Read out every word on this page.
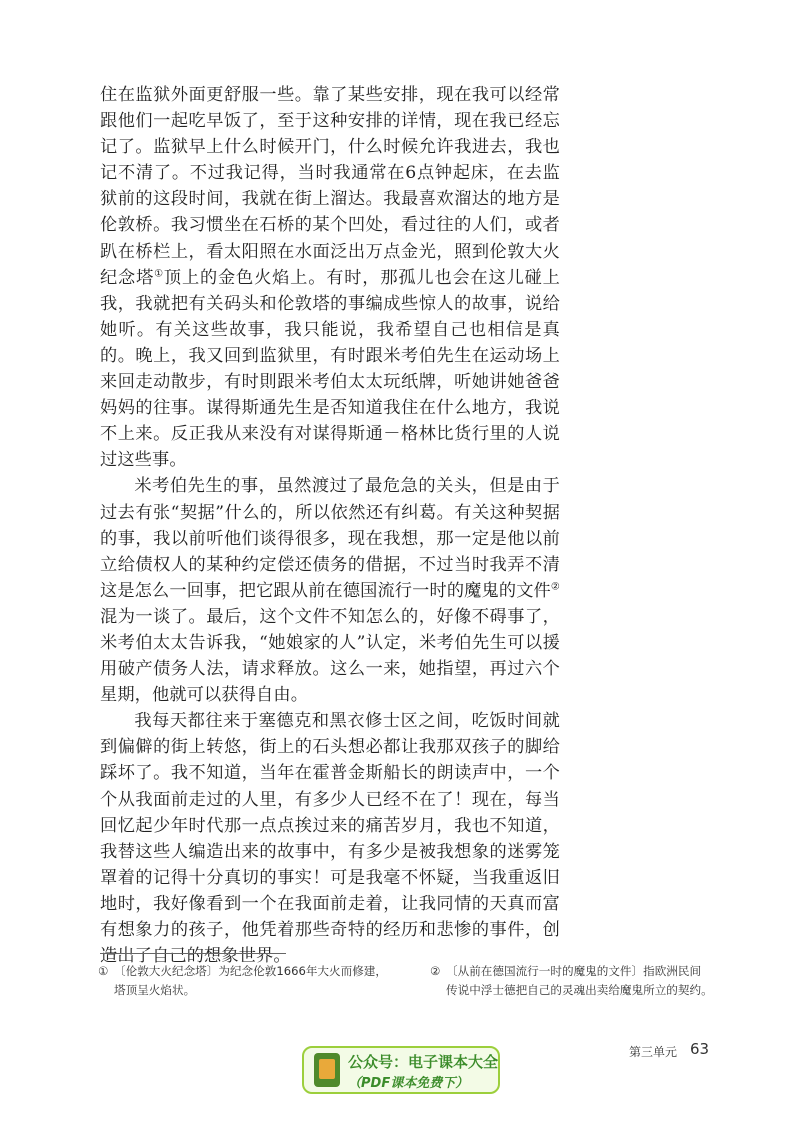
住在监狱外面更舒服一些。靠了某些安排，现在我可以经常跟他们一起吃早饭了，至于这种安排的详情，现在我已经忘记了。监狱早上什么时候开门，什么时候允许我进去，我也记不清了。不过我记得，当时我通常在6点钟起床，在去监狱前的这段时间，我就在街上溜达。我最喜欢溜达的地方是伦敦桥。我习惯坐在石桥的某个凹处，看过往的人们，或者趴在桥栏上，看太阳照在水面泛出万点金光，照到伦敦大火纪念塔①顶上的金色火焰上。有时，那孤儿也会在这儿碰上我，我就把有关码头和伦敦塔的事编成些惊人的故事，说给她听。有关这些故事，我只能说，我希望自己也相信是真的。晚上，我又回到监狱里，有时跟米考伯先生在运动场上来回走动散步，有时則跟米考伯太太玩纸牌，听她讲她爸爸妈妈的往事。谋得斯通先生是否知道我住在什么地方，我说不上来。反正我从来没有对谋得斯通－格林比货行里的人说过这些事。

米考伯先生的事，虽然渡过了最危急的关头，但是由于过去有张“契据”什么的，所以依然还有纠葛。有关这种契据的事，我以前听他们谈得很多，现在我想，那一定是他以前立给债权人的某种约定偿还债务的借据，不过当时我弄不清这是怎么一回事，把它跟从前在德国流行一时的魔鬼的文件②混为一谈了。最后，这个文件不知怎么的，好像不碍事了，米考伯太太告诉我，“她娘家的人”认定，米考伯先生可以援用破产债务人法，请求释放。这么一来，她指望，再过六个星期，他就可以获得自由。

我每天都往来于塞德克和黑衣修士区之间，吃饭时间就到偏僻的街上转悠，街上的石头想必都让我那双孩子的脚给踩坏了。我不知道，当年在霍普金斯船长的朗读声中，一个个从我面前走过的人里，有多少人已经不在了！现在，每当回忆起少年时代那一点点挨过来的痛苦岁月，我也不知道，我替这些人编造出来的故事中，有多少是被我想象的迷雾笼罩着的记得十分真切的事实！可是我毫不怀疑，当我重返旧地时，我好像看到一个在我面前走着，让我同情的天真而富有想象力的孩子，他凭着那些奇特的经历和悲惨的事件，创造出了自己的想象世界。

① 〔伦敦大火纪念塔〕为纪念伦敦1666年大火而修建，
塔顶呈火焰状。
② 〔从前在德国流行一时的魔鬼的文件〕指欧洲民间
传说中浮士德把自己的灵魂出卖给魔鬼所立的契约。
第三单元 63
公众号：电子课本大全
（PDF课本免费下）
